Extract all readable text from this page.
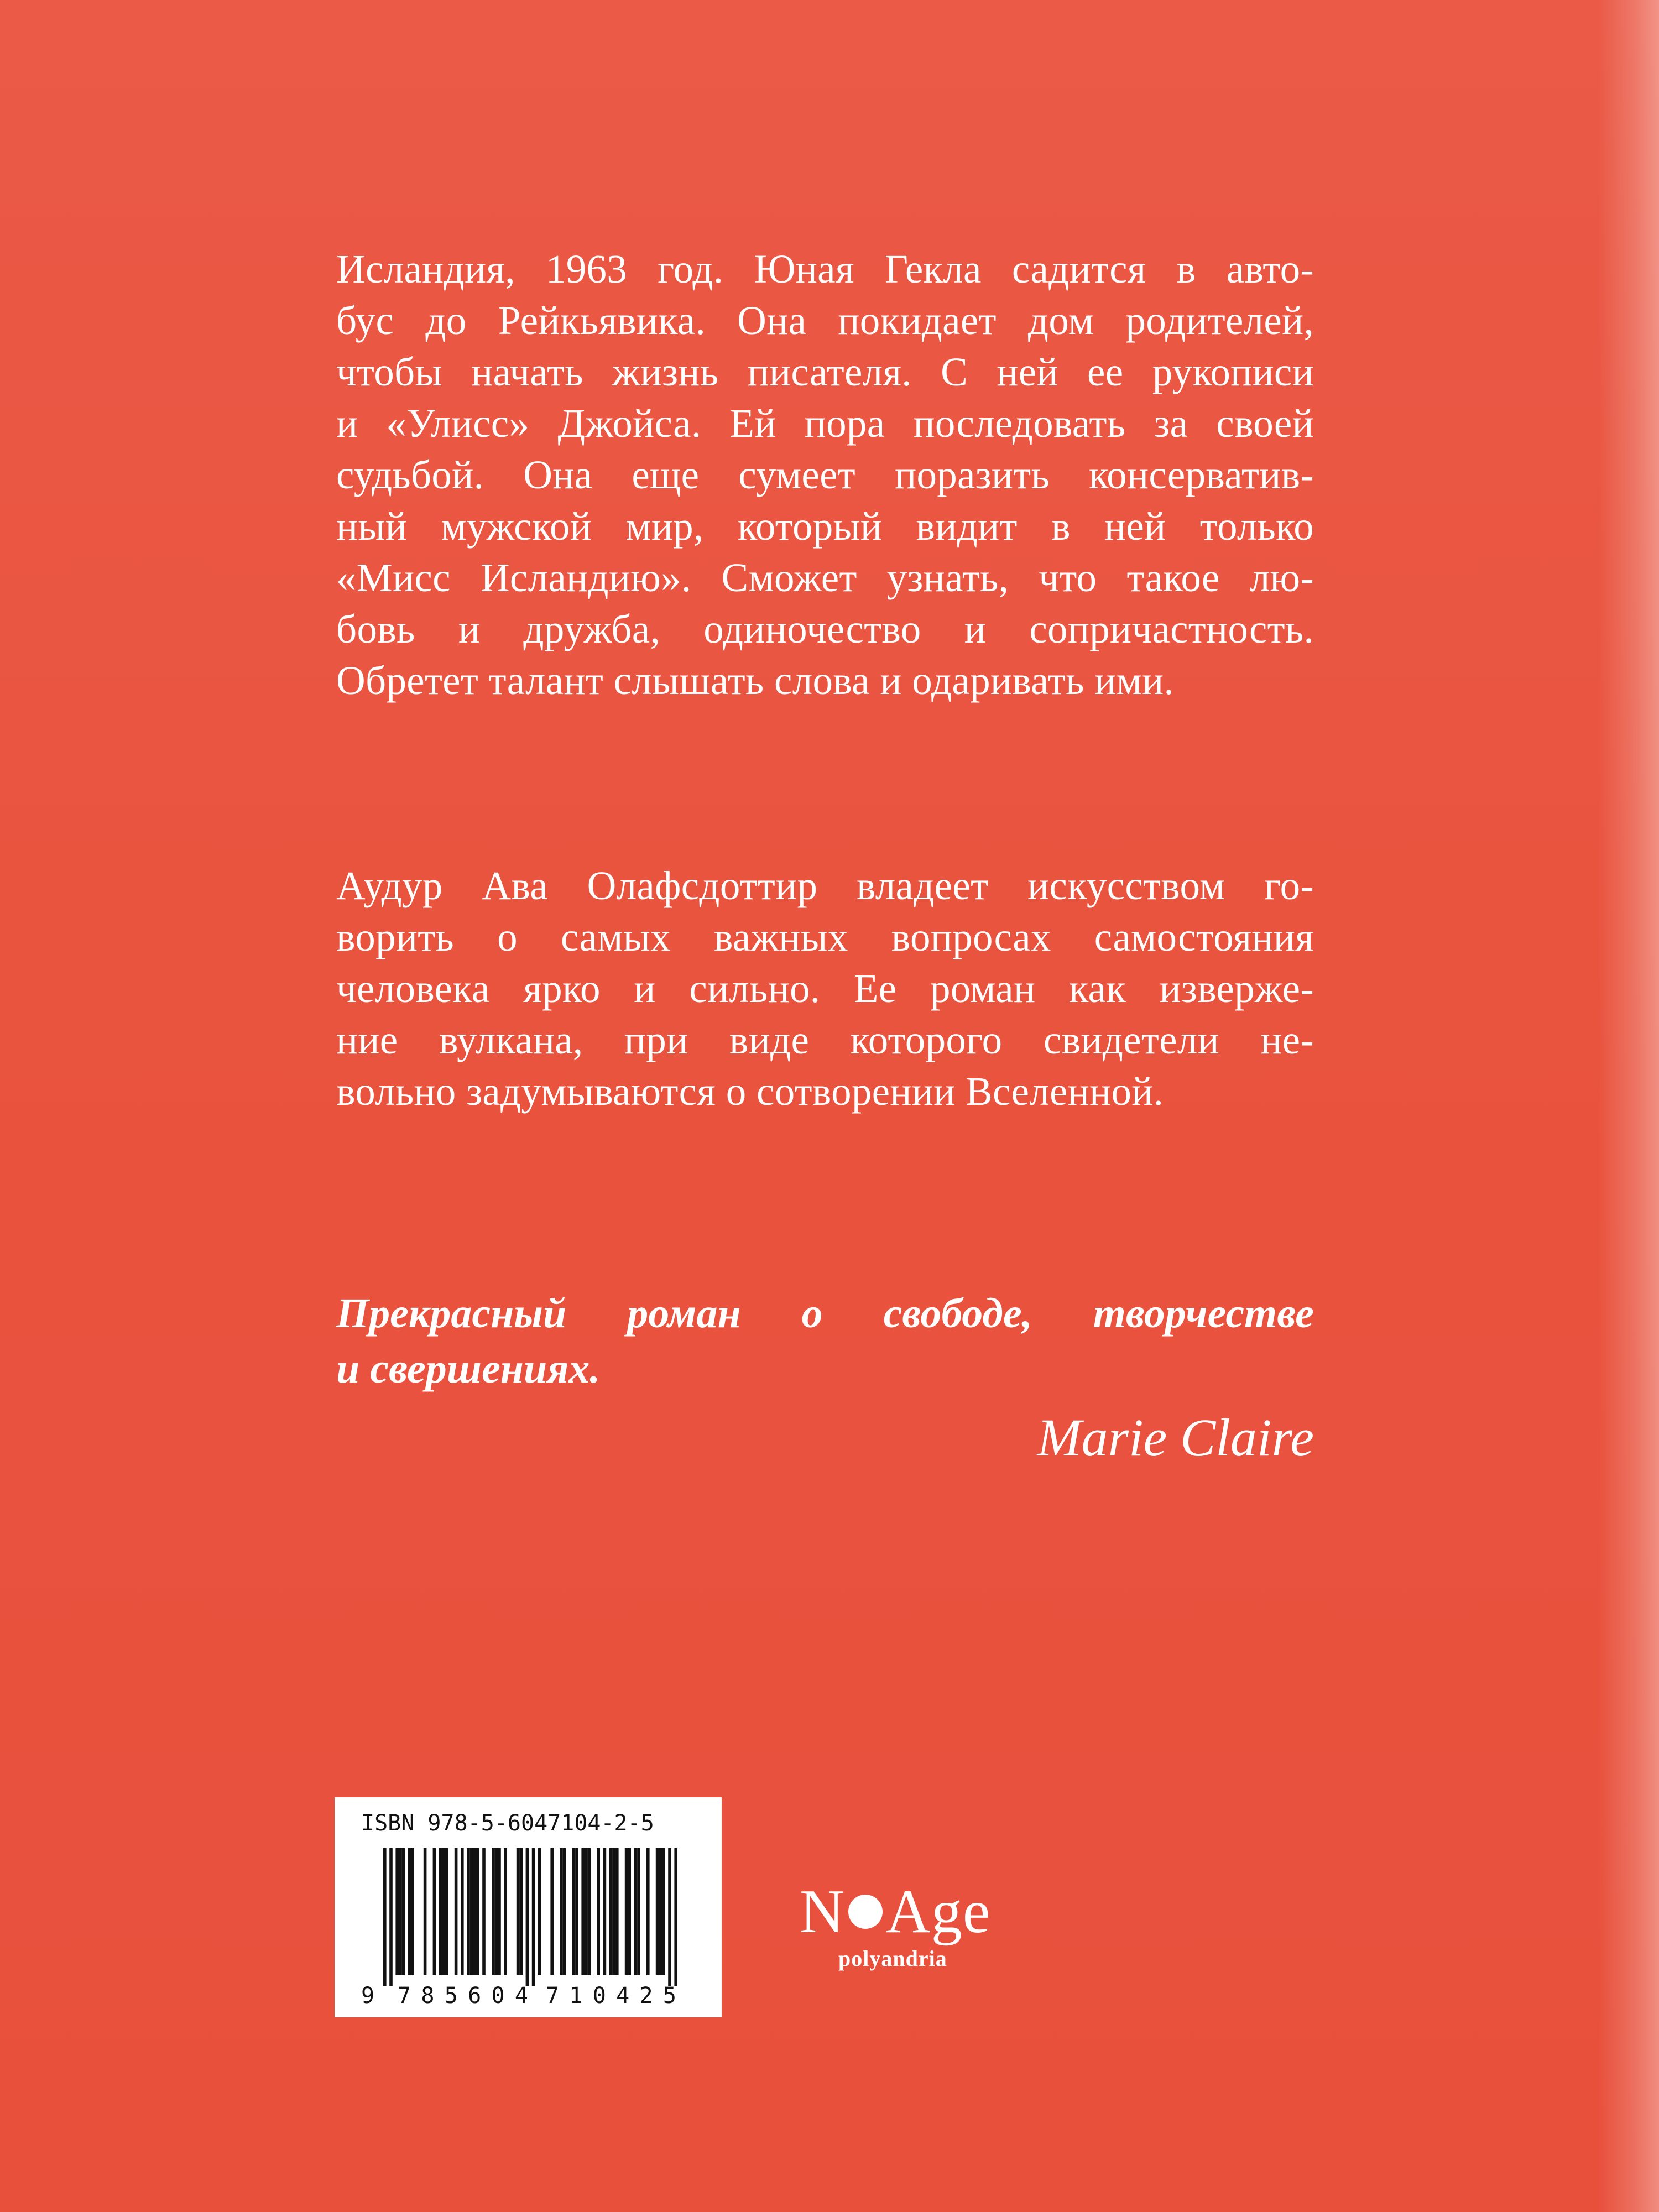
Исландия, 1963 год. Юная Гекла садится в авто-
бус до Рейкьявика. Она покидает дом родителей,
чтобы начать жизнь писателя. С ней ее рукописи
и «Улисс» Джойса. Ей пора последовать за своей
судьбой. Она еще сумеет поразить консерватив-
ный мужской мир, который видит в ней только
«Мисс Исландию». Сможет узнать, что такое лю-
бовь и дружба, одиночество и сопричастность.
Обретет талант слышать слова и одаривать ими.
Аудур Ава Олафсдоттир владеет искусством го-
ворить о самых важных вопросах самостояния
человека ярко и сильно. Ее роман как изверже-
ние вулкана, при виде которого свидетели не-
вольно задумываются о сотворении Вселенной.
Прекрасный роман о свободе, творчестве
и свершениях.
Marie Claire
ISBN 978-5-6047104-2-5
9 785604 710425
N Age
polyandria
